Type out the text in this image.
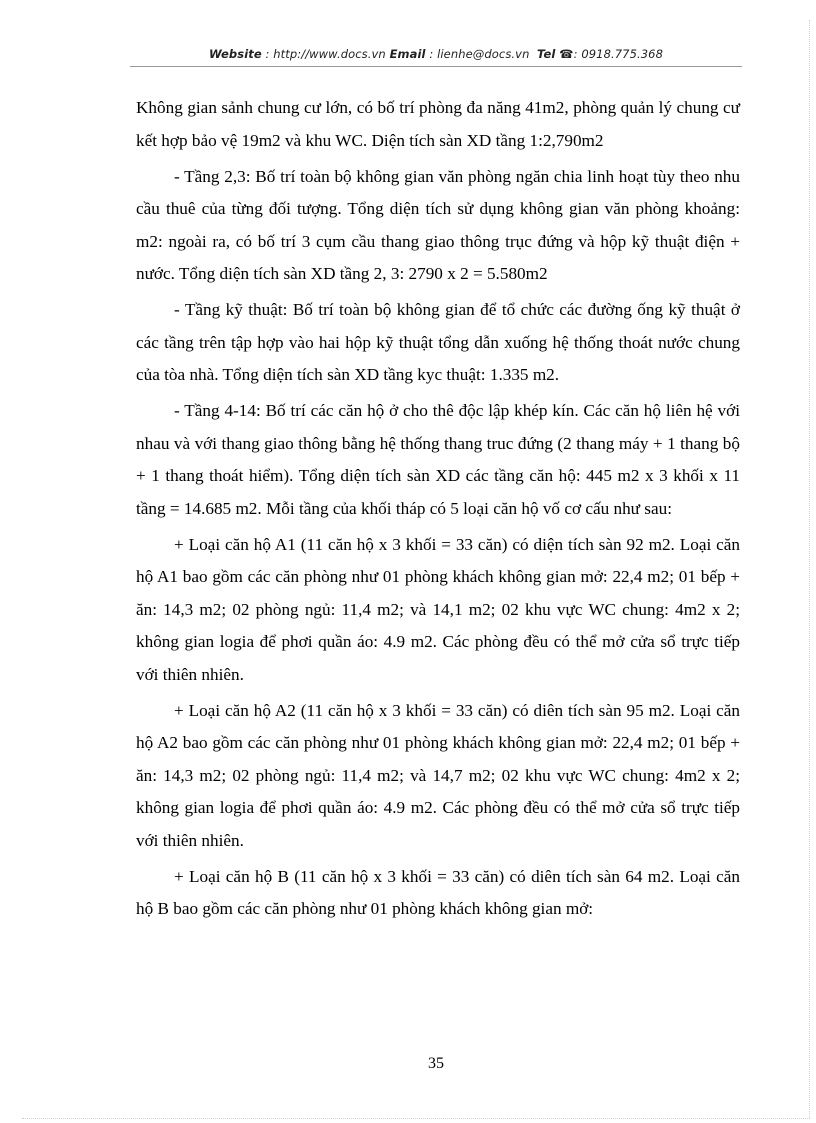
Website : http://www.docs.vn Email : lienhe@docs.vn Tel ☎: 0918.775.368

Không gian sảnh chung cư lớn, có bố trí phòng đa năng 41m2, phòng quản lý chung cư kết hợp bảo vệ 19m2 và khu WC. Diện tích sàn XD tầng 1:2,790m2

- Tầng 2,3: Bố trí toàn bộ không gian văn phòng ngăn chia linh hoạt tùy theo nhu cầu thuê của từng đối tượng. Tổng diện tích sử dụng không gian văn phòng khoảng: m2: ngoài ra, có bố trí 3 cụm cầu thang giao thông trục đứng và hộp kỹ thuật điện + nước. Tổng diện tích sàn XD tầng 2, 3: 2790 x 2 = 5.580m2

- Tầng kỹ thuật: Bố trí toàn bộ không gian để tổ chức các đường ống kỹ thuật ở các tầng trên tập hợp vào hai hộp kỹ thuật tổng dẫn xuống hệ thống thoát nước chung của tòa nhà. Tổng diện tích sàn XD tầng kyc thuật: 1.335 m2.

- Tầng 4-14: Bố trí các căn hộ ở cho thê độc lập khép kín. Các căn hộ liên hệ với nhau và với thang giao thông bằng hệ thống thang truc đứng (2 thang máy + 1 thang bộ + 1 thang thoát hiểm). Tổng diện tích sàn XD các tầng căn hộ: 445 m2 x 3 khối x 11 tầng = 14.685 m2. Mỗi tầng của khối tháp có 5 loại căn hộ vố cơ cấu như sau:

+ Loại căn hộ A1 (11 căn hộ x 3 khối = 33 căn) có diện tích sàn 92 m2. Loại căn hộ A1 bao gồm các căn phòng như 01 phòng khách không gian mở: 22,4 m2; 01 bếp + ăn: 14,3 m2; 02 phòng ngủ: 11,4 m2; và 14,1 m2; 02 khu vực WC chung: 4m2 x 2; không gian logia để phơi quần áo: 4.9 m2. Các phòng đều có thể mở cửa sổ trực tiếp với thiên nhiên.

+ Loại căn hộ A2 (11 căn hộ x 3 khối = 33 căn) có diên tích sàn 95 m2. Loại căn hộ A2 bao gồm các căn phòng như 01 phòng khách không gian mở: 22,4 m2; 01 bếp + ăn: 14,3 m2; 02 phòng ngủ: 11,4 m2; và 14,7 m2; 02 khu vực WC chung: 4m2 x 2; không gian logia để phơi quần áo: 4.9 m2. Các phòng đều có thể mở cửa sổ trực tiếp với thiên nhiên.

+ Loại căn hộ B (11 căn hộ x 3 khối = 33 căn) có diên tích sàn 64 m2. Loại căn hộ B bao gồm các căn phòng như 01 phòng khách không gian mở:

35
